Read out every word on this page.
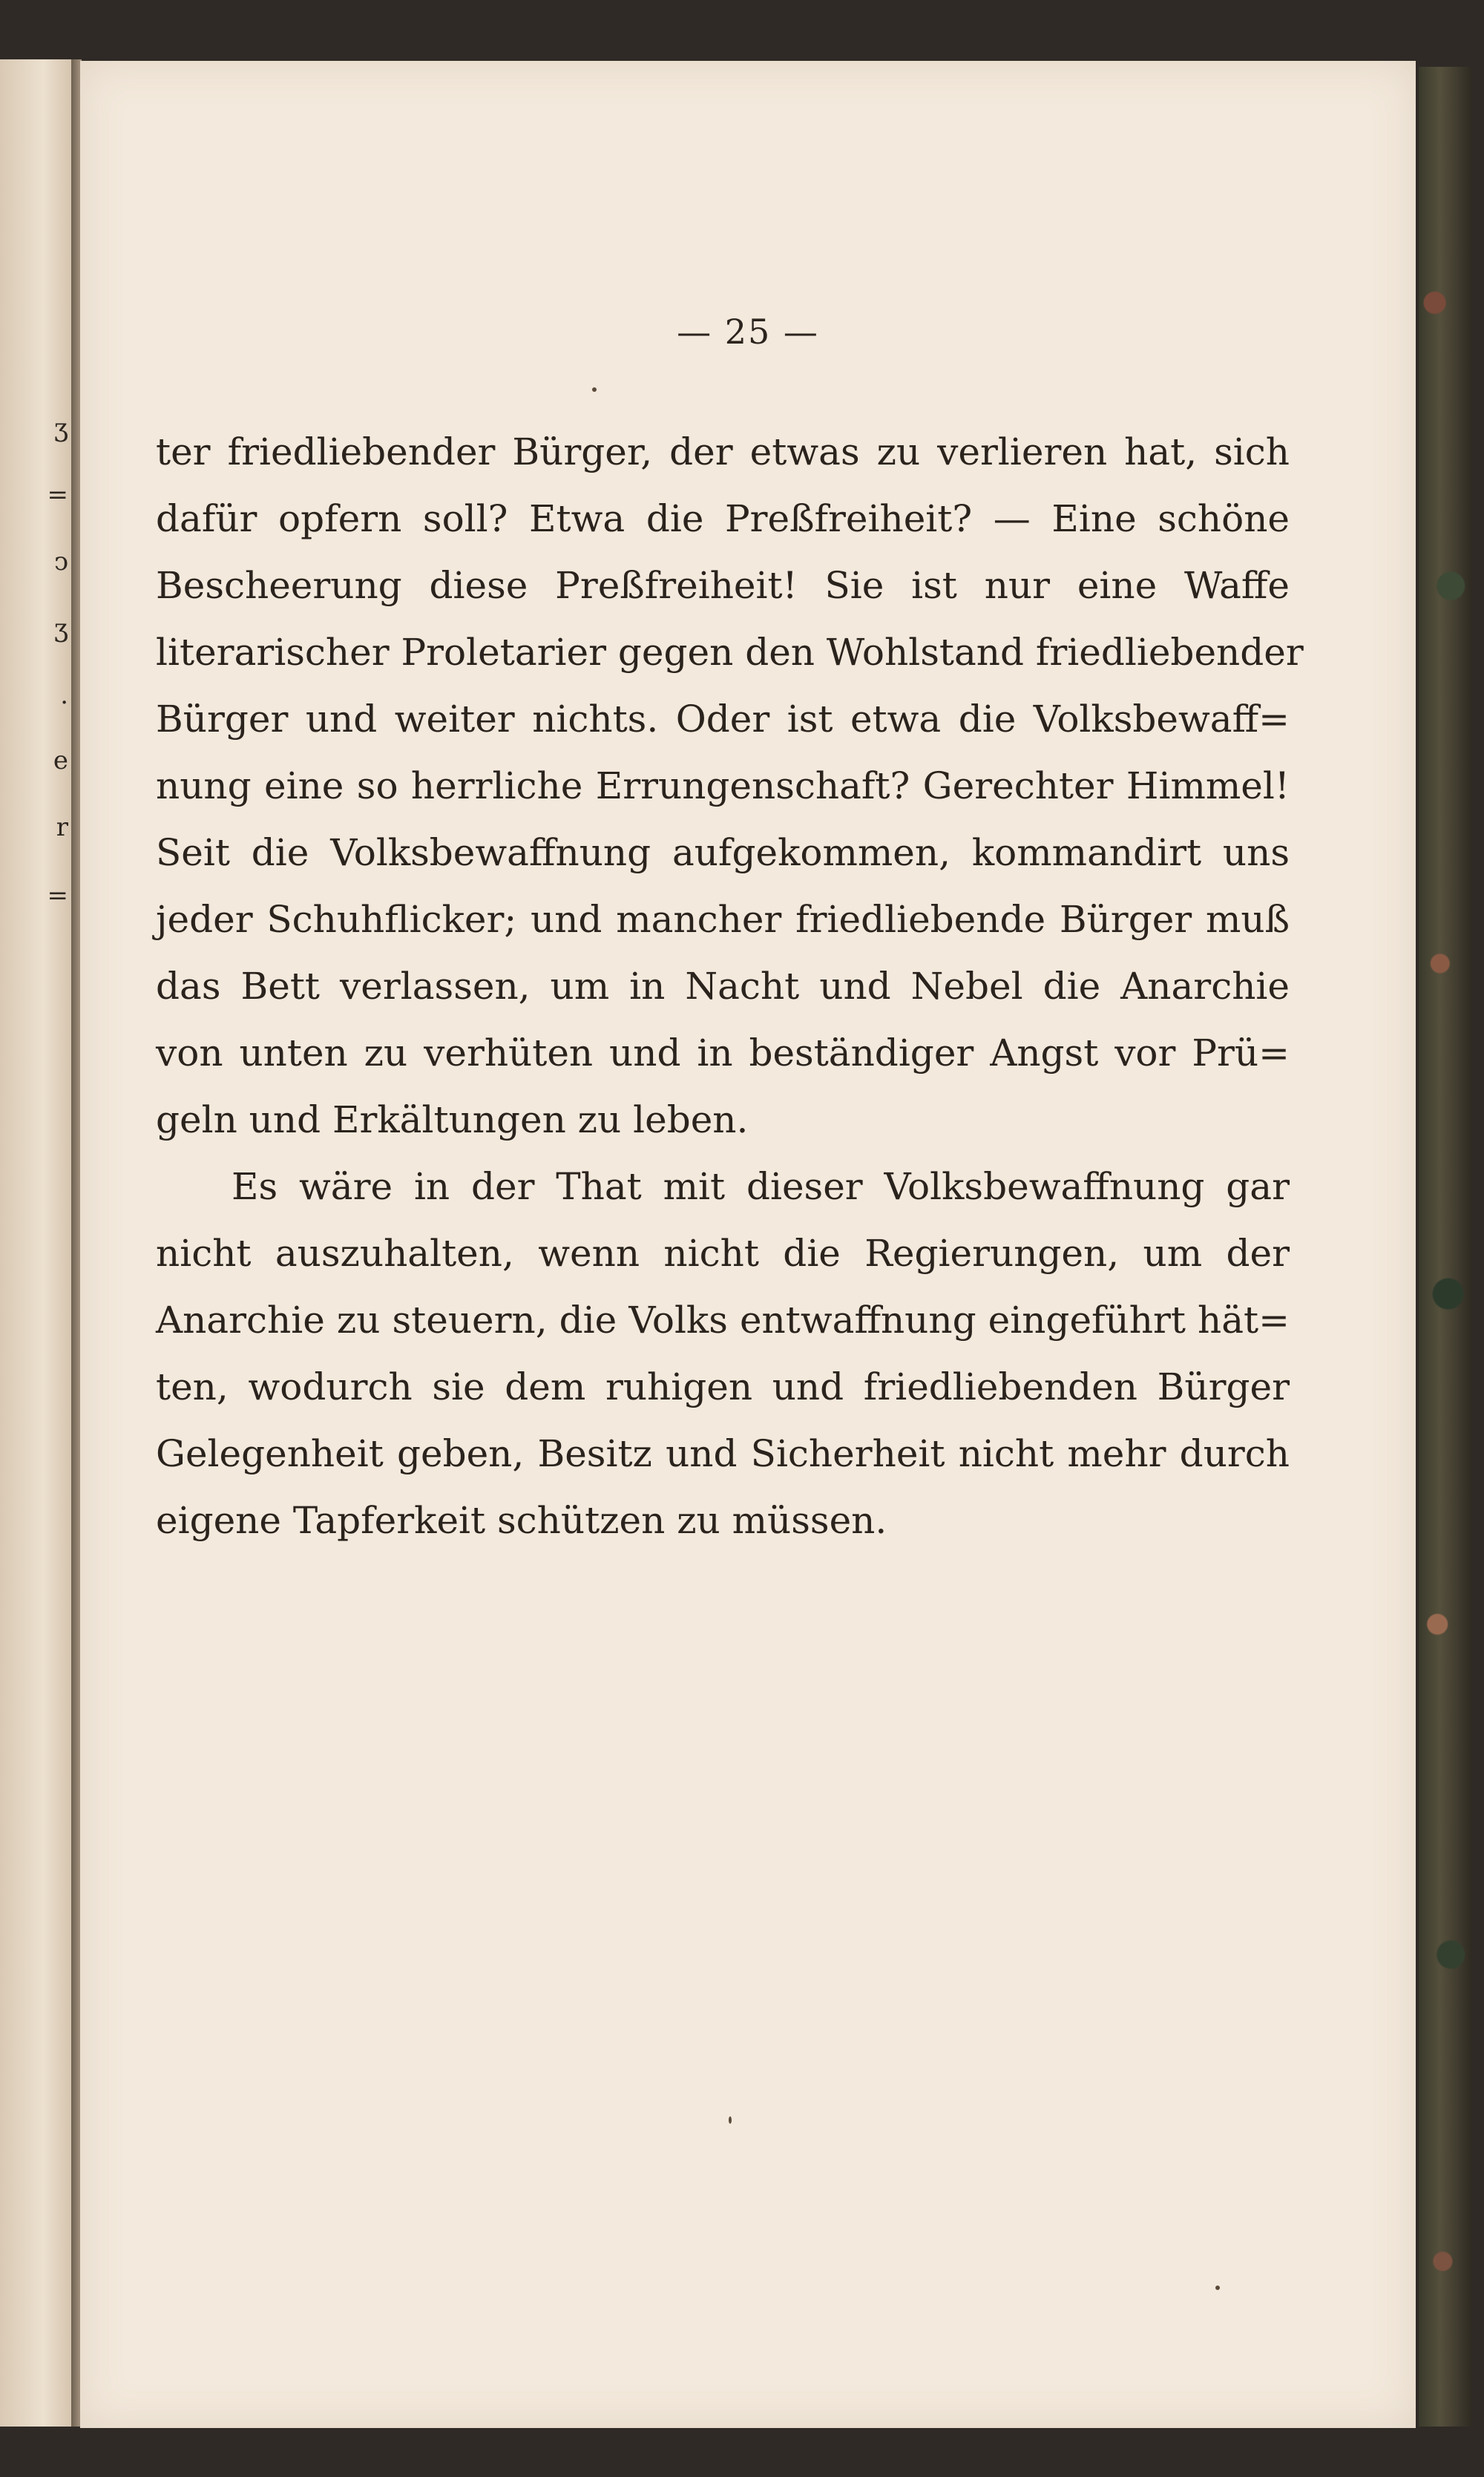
ʒ
=
ↄ
ʒ
.
e
r
=
— 25 —
ter friedliebender Bürger, der etwas zu verlieren hat, sich
dafür opfern soll? Etwa die Preßfreiheit? — Eine schöne
Bescheerung diese Preßfreiheit! Sie ist nur eine Waffe
literarischer Proletarier gegen den Wohlstand friedliebender
Bürger und weiter nichts. Oder ist etwa die Volksbewaff=
nung eine so herrliche Errungenschaft? Gerechter Himmel!
Seit die Volksbewaffnung aufgekommen, kommandirt uns
jeder Schuhflicker; und mancher friedliebende Bürger muß
das Bett verlassen, um in Nacht und Nebel die Anarchie
von unten zu verhüten und in beständiger Angst vor Prü=
geln und Erkältungen zu leben.
Es wäre in der That mit dieser Volksbewaffnung gar
nicht auszuhalten, wenn nicht die Regierungen, um der
Anarchie zu steuern, die Volks entwaffnung eingeführt hät=
ten, wodurch sie dem ruhigen und friedliebenden Bürger
Gelegenheit geben, Besitz und Sicherheit nicht mehr durch
eigene Tapferkeit schützen zu müssen.
